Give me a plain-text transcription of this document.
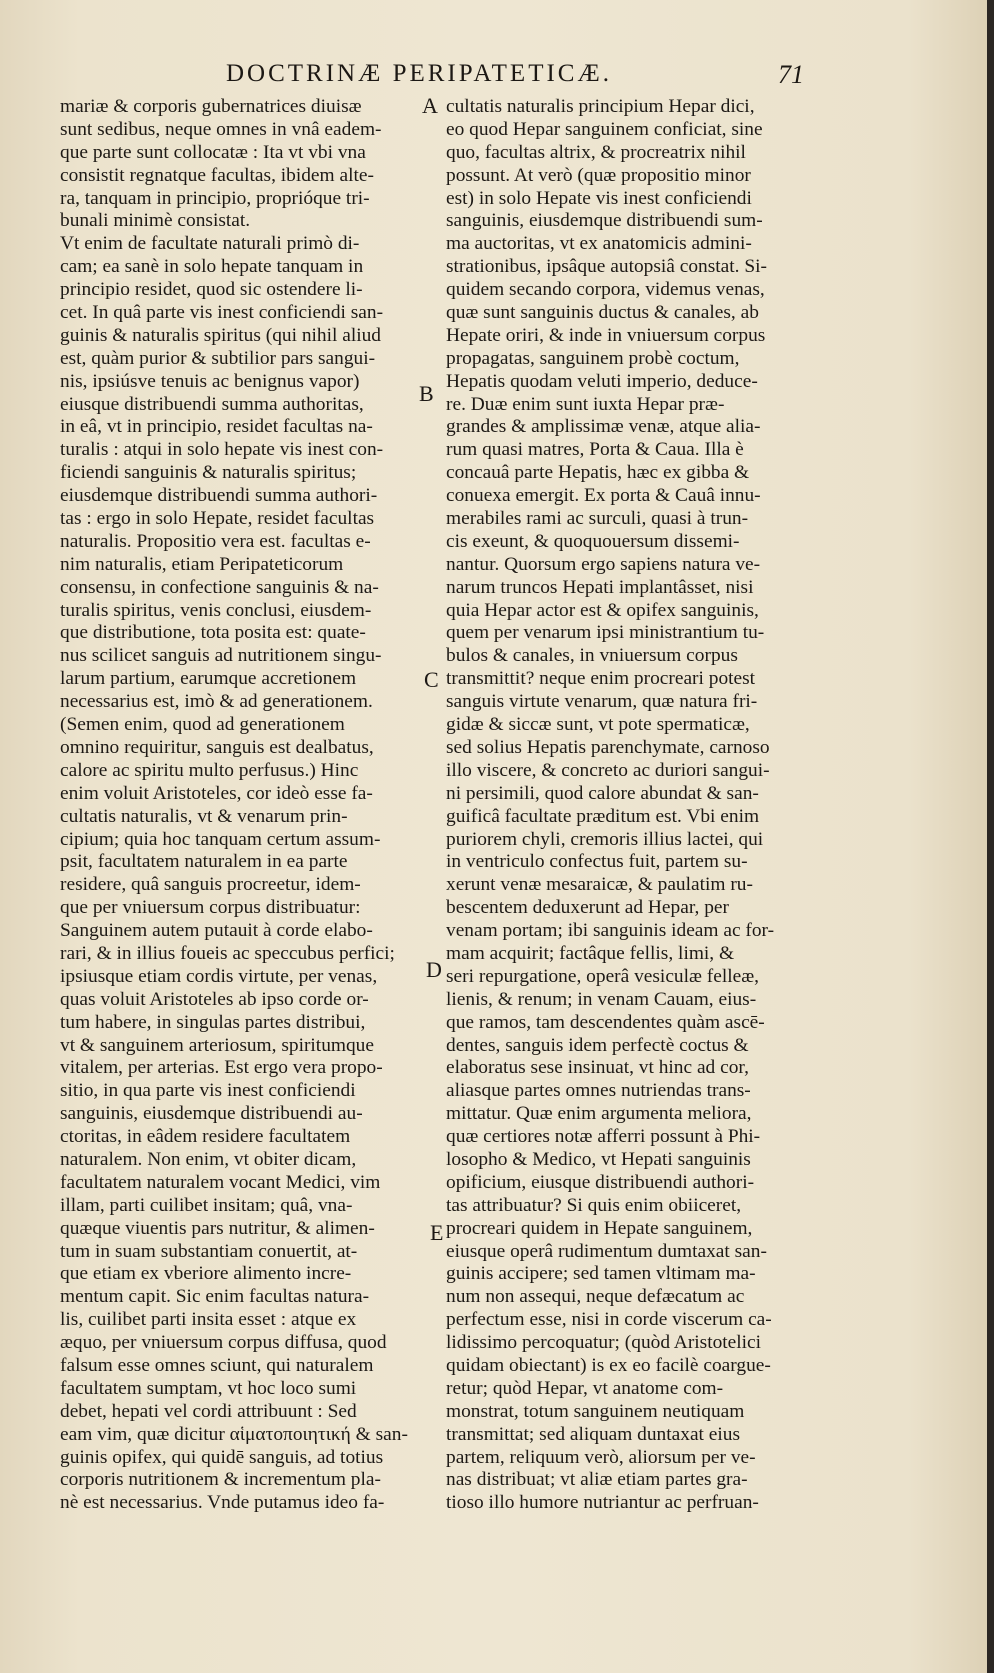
DOCTRINÆ PERIPATETICÆ.	71
mariæ & corporis gubernatrices diuisæ
sunt sedibus, neque omnes in vnâ eadem-
que parte sunt collocatæ : Ita vt vbi vna
consistit regnatque facultas, ibidem alte-
ra, tanquam in principio, proprióque tri-
bunali minimè consistat.
Vt enim de facultate naturali primò di-
cam; ea sanè in solo hepate tanquam in
principio residet, quod sic ostendere li-
cet. In quâ parte vis inest conficiendi san-
guinis & naturalis spiritus (qui nihil aliud
est, quàm purior & subtilior pars sangui-
nis, ipsiúsve tenuis ac benignus vapor)
eiusque distribuendi summa authoritas,
in eâ, vt in principio, residet facultas na-
turalis : atqui in solo hepate vis inest con-
ficiendi sanguinis & naturalis spiritus;
eiusdemque distribuendi summa authori-
tas : ergo in solo Hepate, residet facultas
naturalis. Propositio vera est. facultas e-
nim naturalis, etiam Peripateticorum
consensu, in confectione sanguinis & na-
turalis spiritus, venis conclusi, eiusdem-
que distributione, tota posita est: quate-
nus scilicet sanguis ad nutritionem singu-
larum partium, earumque accretionem
necessarius est, imò & ad generationem.
(Semen enim, quod ad generationem
omnino requiritur, sanguis est dealbatus,
calore ac spiritu multo perfusus.) Hinc
enim voluit Aristoteles, cor ideò esse fa-
cultatis naturalis, vt & venarum prin-
cipium; quia hoc tanquam certum assum-
psit, facultatem naturalem in ea parte
residere, quâ sanguis procreetur, idem-
que per vniuersum corpus distribuatur:
Sanguinem autem putauit à corde elabo-
rari, & in illius foueis ac speccubus perfici;
ipsiusque etiam cordis virtute, per venas,
quas voluit Aristoteles ab ipso corde or-
tum habere, in singulas partes distribui,
vt & sanguinem arteriosum, spiritumque
vitalem, per arterias. Est ergo vera propo-
sitio, in qua parte vis inest conficiendi
sanguinis, eiusdemque distribuendi au-
ctoritas, in eâdem residere facultatem
naturalem. Non enim, vt obiter dicam,
facultatem naturalem vocant Medici, vim
illam, parti cuilibet insitam; quâ, vna-
quæque viuentis pars nutritur, & alimen-
tum in suam substantiam conuertit, at-
que etiam ex vberiore alimento incre-
mentum capit. Sic enim facultas natura-
lis, cuilibet parti insita esset : atque ex
æquo, per vniuersum corpus diffusa, quod
falsum esse omnes sciunt, qui naturalem
facultatem sumptam, vt hoc loco sumi
debet, hepati vel cordi attribuunt : Sed
eam vim, quæ dicitur αἱματοποιητική & san-
guinis opifex, qui quidē sanguis, ad totius
corporis nutritionem & incrementum pla-
nè est necessarius. Vnde putamus ideo fa-
cultatis naturalis principium Hepar dici,
eo quod Hepar sanguinem conficiat, sine
quo, facultas altrix, & procreatrix nihil
possunt. At verò (quæ propositio minor
est) in solo Hepate vis inest conficiendi
sanguinis, eiusdemque distribuendi sum-
ma auctoritas, vt ex anatomicis admini-
strationibus, ipsâque autopsiâ constat. Si-
quidem secando corpora, videmus venas,
quæ sunt sanguinis ductus & canales, ab
Hepate oriri, & inde in vniuersum corpus
propagatas, sanguinem probè coctum,
Hepatis quodam veluti imperio, deduce-
re. Duæ enim sunt iuxta Hepar præ-
grandes & amplissimæ venæ, atque alia-
rum quasi matres, Porta & Caua. Illa è
concauâ parte Hepatis, hæc ex gibba &
conuexa emergit. Ex porta & Cauâ innu-
merabiles rami ac surculi, quasi à trun-
cis exeunt, & quoquouersum dissemi-
nantur. Quorsum ergo sapiens natura ve-
narum truncos Hepati implantâsset, nisi
quia Hepar actor est & opifex sanguinis,
quem per venarum ipsi ministrantium tu-
bulos & canales, in vniuersum corpus
transmittit? neque enim procreari potest
sanguis virtute venarum, quæ natura fri-
gidæ & siccæ sunt, vt pote spermaticæ,
sed solius Hepatis parenchymate, carnoso
illo viscere, & concreto ac duriori sangui-
ni persimili, quod calore abundat & san-
guificâ facultate præditum est. Vbi enim
puriorem chyli, cremoris illius lactei, qui
in ventriculo confectus fuit, partem su-
xerunt venæ mesaraicæ, & paulatim ru-
bescentem deduxerunt ad Hepar, per
venam portam; ibi sanguinis ideam ac for-
mam acquirit; factâque fellis, limi, &
seri repurgatione, operâ vesiculæ felleæ,
lienis, & renum; in venam Cauam, eius-
que ramos, tam descendentes quàm ascē-
dentes, sanguis idem perfectè coctus &
elaboratus sese insinuat, vt hinc ad cor,
aliasque partes omnes nutriendas trans-
mittatur. Quæ enim argumenta meliora,
quæ certiores notæ afferri possunt à Phi-
losopho & Medico, vt Hepati sanguinis
opificium, eiusque distribuendi authori-
tas attribuatur? Si quis enim obiiceret,
procreari quidem in Hepate sanguinem,
eiusque operâ rudimentum dumtaxat san-
guinis accipere; sed tamen vltimam ma-
num non assequi, neque defæcatum ac
perfectum esse, nisi in corde viscerum ca-
lidissimo percoquatur; (quòd Aristotelici
quidam obiectant) is ex eo facilè coargue-
retur; quòd Hepar, vt anatome com-
monstrat, totum sanguinem neutiquam
transmittat; sed aliquam duntaxat eius
partem, reliquum verò, aliorsum per ve-
nas distribuat; vt aliæ etiam partes gra-
tioso illo humore nutriantur ac perfruan-
A
B
C
D
E
